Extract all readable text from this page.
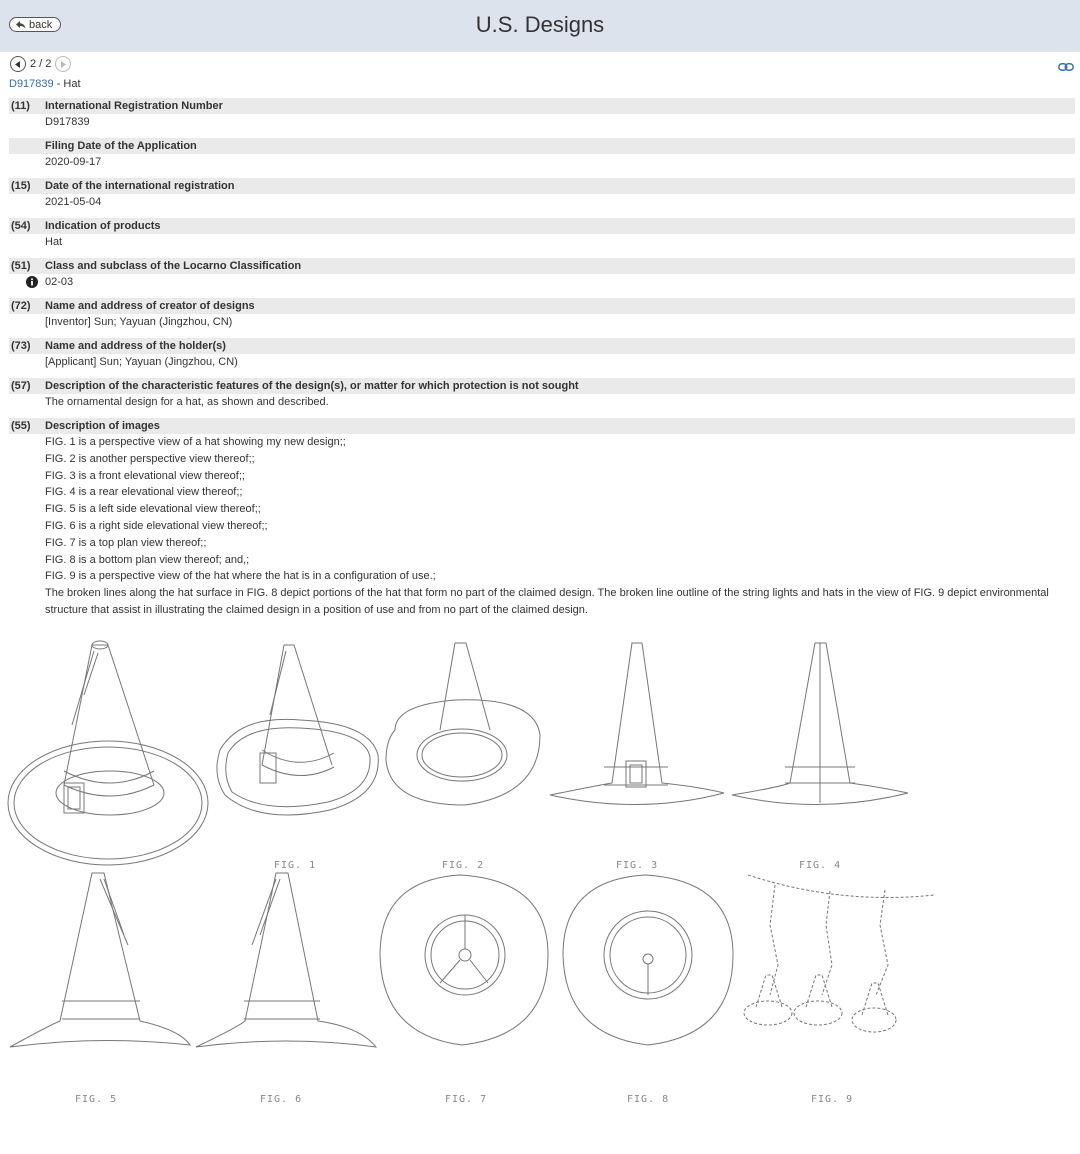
back	U.S. Designs
2 / 2
D917839 - Hat
(11)	International Registration Number
D917839
Filing Date of the Application
2020-09-17
(15)	Date of the international registration
2021-05-04
(54)	Indication of products
Hat
(51)	Class and subclass of the Locarno Classification
02-03
(72)	Name and address of creator of designs
[Inventor] Sun; Yayuan (Jingzhou, CN)
(73)	Name and address of the holder(s)
[Applicant] Sun; Yayuan (Jingzhou, CN)
(57)	Description of the characteristic features of the design(s), or matter for which protection is not sought
The ornamental design for a hat, as shown and described.
(55)	Description of images
FIG. 1 is a perspective view of a hat showing my new design;;
FIG. 2 is another perspective view thereof;;
FIG. 3 is a front elevational view thereof;;
FIG. 4 is a rear elevational view thereof;;
FIG. 5 is a left side elevational view thereof;;
FIG. 6 is a right side elevational view thereof;;
FIG. 7 is a top plan view thereof;;
FIG. 8 is a bottom plan view thereof; and,;
FIG. 9 is a perspective view of the hat where the hat is in a configuration of use.;
The broken lines along the hat surface in FIG. 8 depict portions of the hat that form no part of the claimed design. The broken line outline of the string lights and hats in the view of FIG. 9 depict environmental structure that assist in illustrating the claimed design in a position of use and from no part of the claimed design.
FIG. 1	FIG. 2	FIG. 3	FIG. 4
FIG. 5	FIG. 6	FIG. 7	FIG. 8	FIG. 9
